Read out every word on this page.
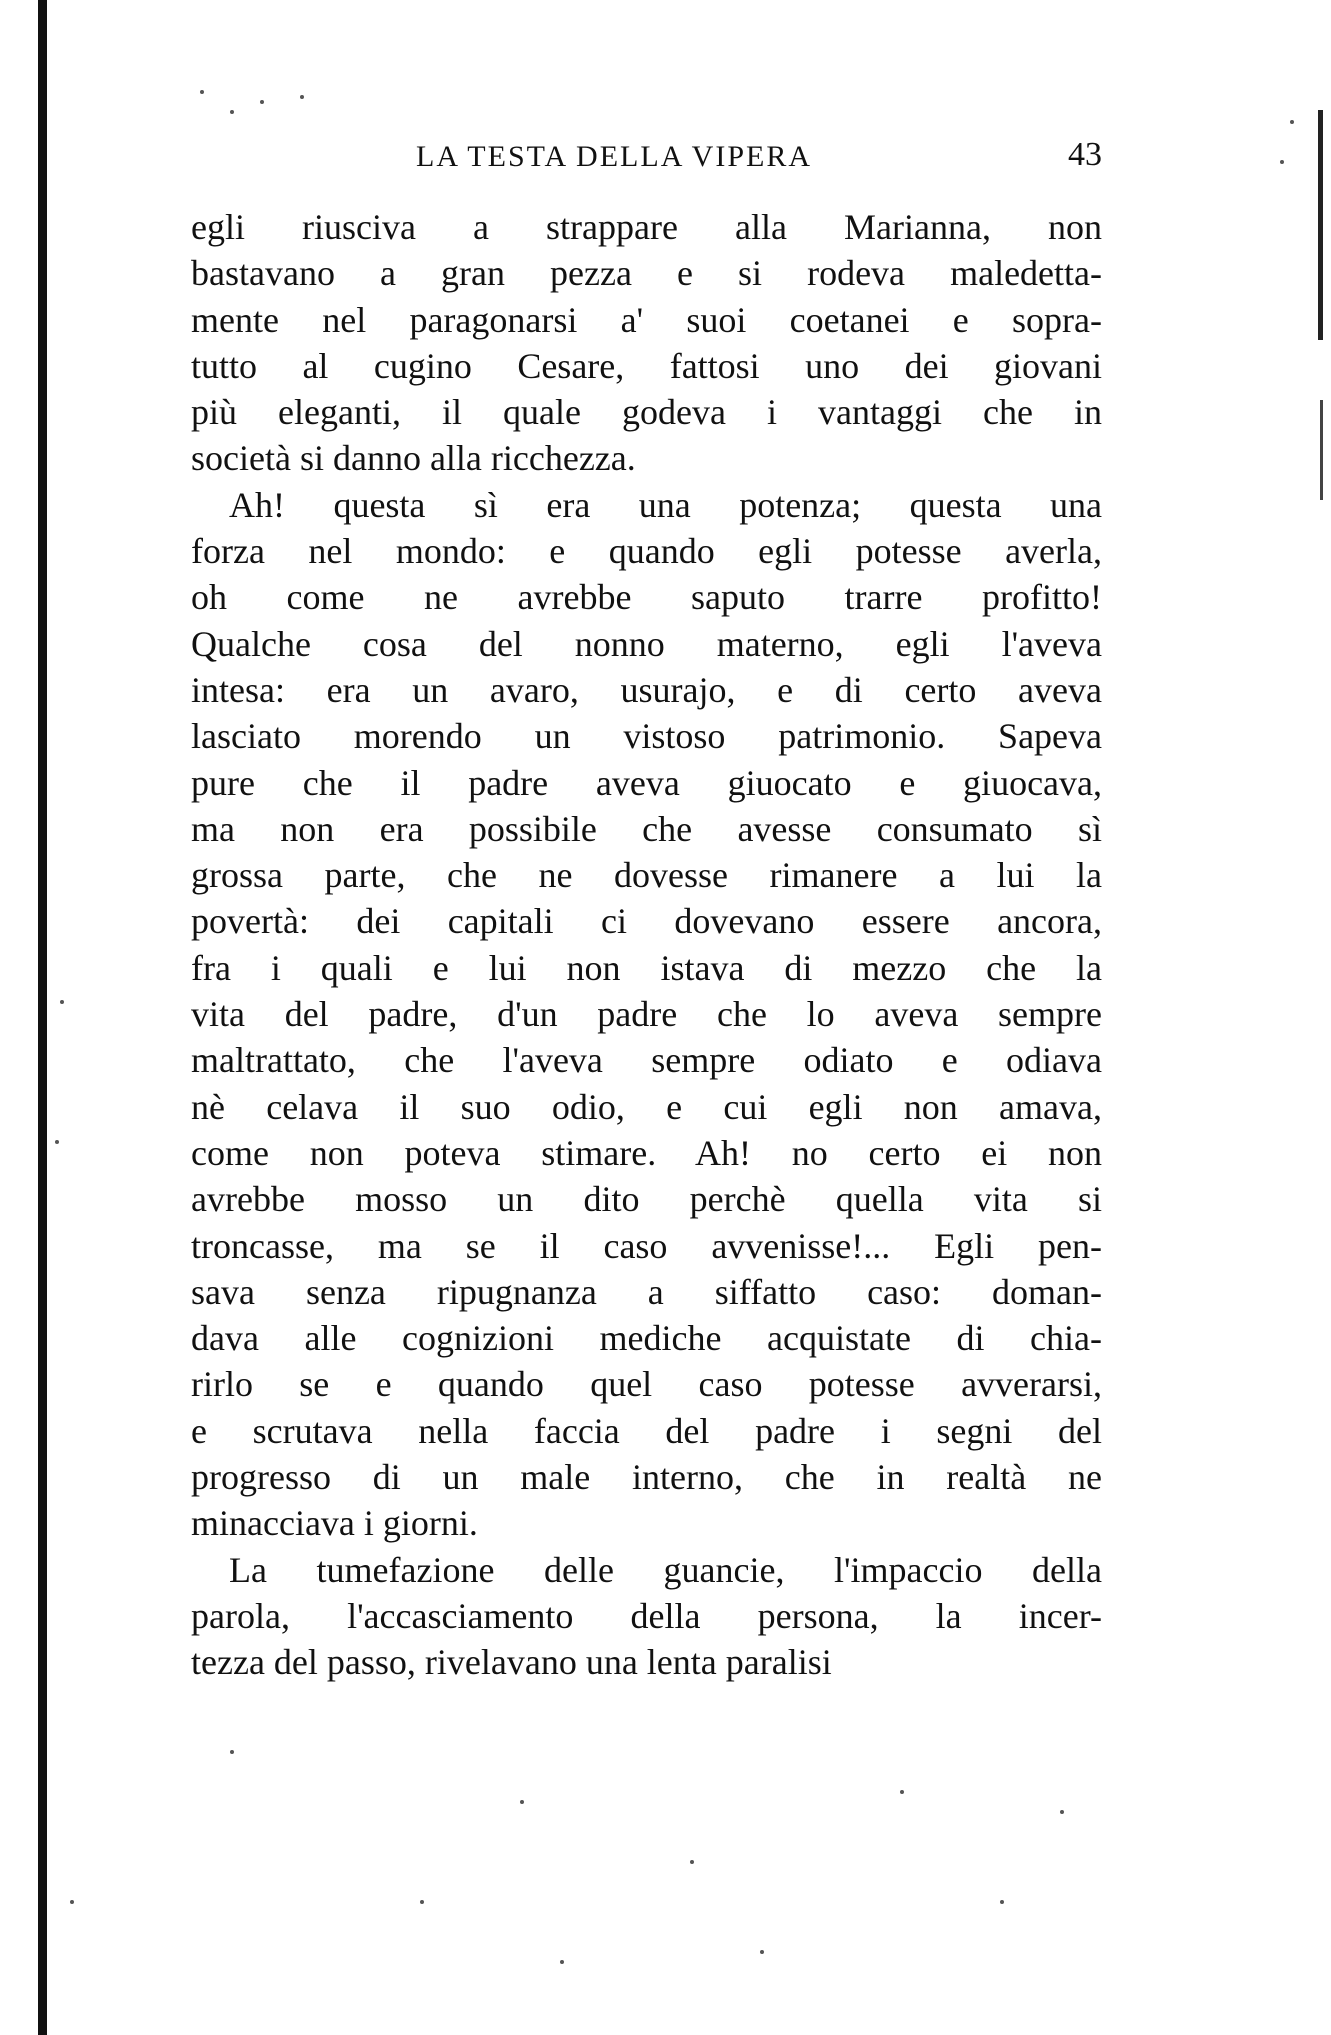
LA TESTA DELLA VIPERA	43
egli riusciva a strappare alla Marianna, non
bastavano a gran pezza e si rodeva maledetta-
mente nel paragonarsi a' suoi coetanei e sopra-
tutto al cugino Cesare, fattosi uno dei giovani
più eleganti, il quale godeva i vantaggi che in
società si danno alla ricchezza.
Ah! questa sì era una potenza; questa una
forza nel mondo: e quando egli potesse averla,
oh come ne avrebbe saputo trarre profitto!
Qualche cosa del nonno materno, egli l'aveva
intesa: era un avaro, usurajo, e di certo aveva
lasciato morendo un vistoso patrimonio. Sapeva
pure che il padre aveva giuocato e giuocava,
ma non era possibile che avesse consumato sì
grossa parte, che ne dovesse rimanere a lui la
povertà: dei capitali ci dovevano essere ancora,
fra i quali e lui non istava di mezzo che la
vita del padre, d'un padre che lo aveva sempre
maltrattato, che l'aveva sempre odiato e odiava
nè celava il suo odio, e cui egli non amava,
come non poteva stimare. Ah! no certo ei non
avrebbe mosso un dito perchè quella vita si
troncasse, ma se il caso avvenisse!... Egli pen-
sava senza ripugnanza a siffatto caso: doman-
dava alle cognizioni mediche acquistate di chia-
rirlo se e quando quel caso potesse avverarsi,
e scrutava nella faccia del padre i segni del
progresso di un male interno, che in realtà ne
minacciava i giorni.
La tumefazione delle guancie, l'impaccio della
parola, l'accasciamento della persona, la incer-
tezza del passo, rivelavano una lenta paralisi
